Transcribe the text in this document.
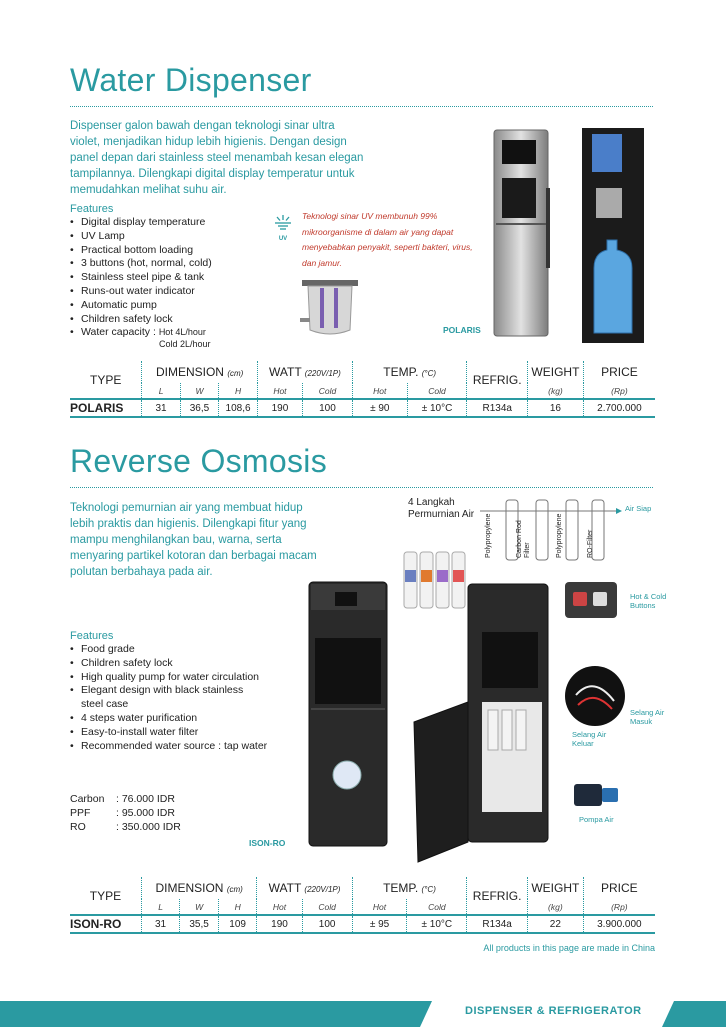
Water Dispenser
Dispenser galon bawah dengan teknologi sinar ultra
violet, menjadikan hidup lebih higienis. Dengan design
panel depan dari stainless steel menambah kesan elegan
tampilannya. Dilengkapi digital display temperatur untuk
memudahkan melihat suhu air.
Features
• Digital display temperature
• UV Lamp
• Practical bottom loading
• 3 buttons (hot, normal, cold)
• Stainless steel pipe & tank
• Runs-out water indicator
• Automatic pump
• Children safety lock
• Water capacity : Hot 4L/hour
Cold 2L/hour
UV
Teknologi sinar UV membunuh 99%
mikroorganisme di dalam air yang dapat
menyebabkan penyakit, seperti bakteri, virus,
dan jamur.
POLARIS
TYPE	DIMENSION (cm)			WATT (220V/1P)		TEMP. (°C)		REFRIG.	WEIGHT	PRICE
	L	W	H	Hot	Cold	Hot	Cold		(kg)	(Rp)
POLARIS	31	36,5	108,6	190	100	± 90	± 10°C	R134a	16	2.700.000
Reverse Osmosis
Teknologi pemurnian air yang membuat hidup
lebih praktis dan higienis. Dilengkapi fitur yang
mampu menghilangkan bau, warna, serta
menyaring partikel kotoran dan berbagai macam
polutan berbahaya pada air.
4 Langkah
Permurnian Air
Air Siap
Polypropylene	Carbon Rod Filter	Polypropylene	RO-Filter
Features
• Food grade
• Children safety lock
• High quality pump for water circulation
• Elegant design with black stainless
steel case
• 4 steps water purification
• Easy-to-install water filter
• Recommended water source : tap water
Carbon : 76.000 IDR
PPF : 95.000 IDR
RO	: 350.000 IDR
ISON-RO
Hot & Cold
Buttons
Selang Air
Masuk
Selang Air
Keluar
Pompa Air
TYPE	DIMENSION (cm)			WATT (220V/1P)		TEMP. (°C)		REFRIG.	WEIGHT	PRICE
	L	W	H	Hot	Cold	Hot	Cold		(kg)	(Rp)
ISON-RO	31	35,5	109	190	100	± 95	± 10°C	R134a	22	3.900.000
All products in this page are made in China
DISPENSER & REFRIGERATOR
